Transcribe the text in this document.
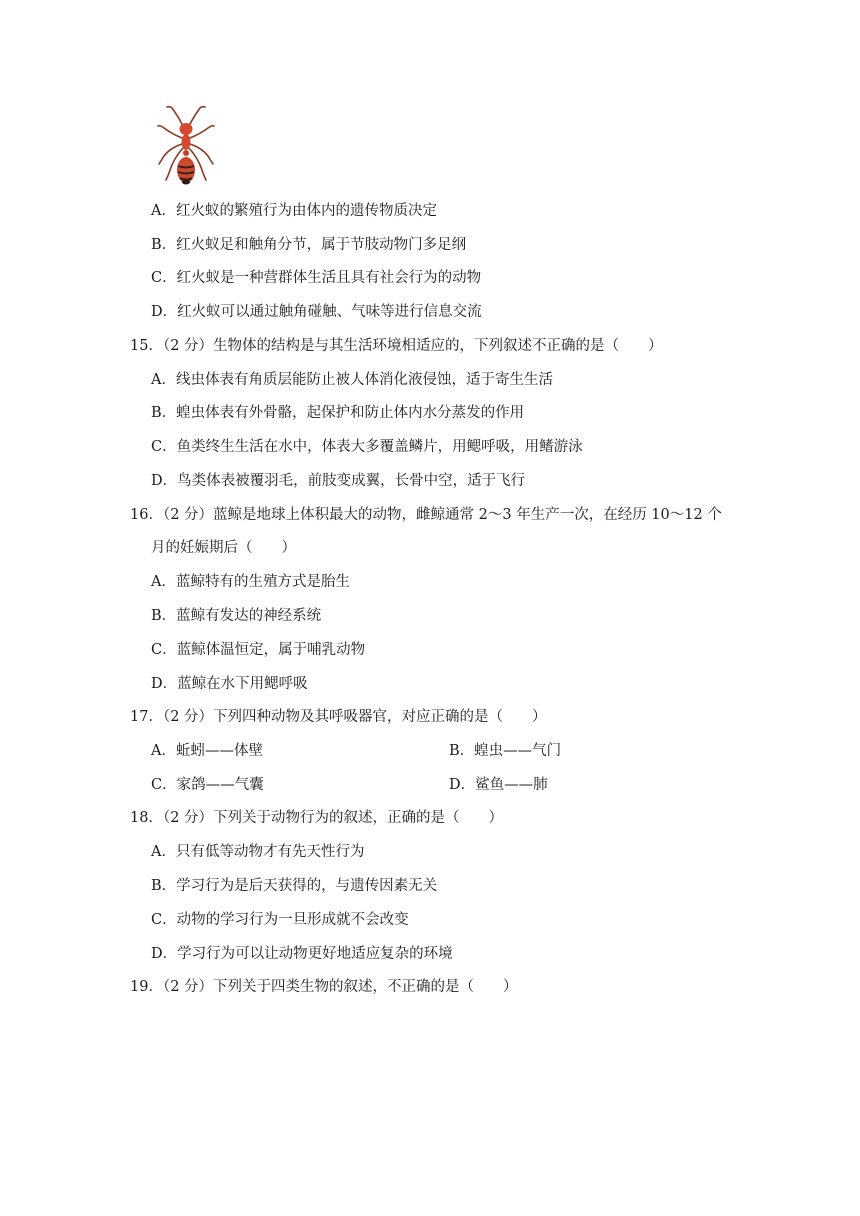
A．红火蚁的繁殖行为由体内的遗传物质决定
B．红火蚁足和触角分节，属于节肢动物门多足纲
C．红火蚁是一种营群体生活且具有社会行为的动物
D．红火蚁可以通过触角碰触、气味等进行信息交流
15．（2 分）生物体的结构是与其生活环境相适应的，下列叙述不正确的是（　　）
A．线虫体表有角质层能防止被人体消化液侵蚀，适于寄生生活
B．蝗虫体表有外骨骼，起保护和防止体内水分蒸发的作用
C．鱼类终生生活在水中，体表大多覆盖鳞片，用鳃呼吸，用鳍游泳
D．鸟类体表被覆羽毛，前肢变成翼，长骨中空，适于飞行
16．（2 分）蓝鲸是地球上体积最大的动物，雌鲸通常 2～3 年生产一次，在经历 10～12 个
月的妊娠期后（　　）
A．蓝鲸特有的生殖方式是胎生
B．蓝鲸有发达的神经系统
C．蓝鲸体温恒定，属于哺乳动物
D．蓝鲸在水下用鳃呼吸
17．（2 分）下列四种动物及其呼吸器官，对应正确的是（　　）
A．蚯蚓——体壁	B．蝗虫——气门
C．家鸽——气囊	D．鲨鱼——肺
18．（2 分）下列关于动物行为的叙述，正确的是（　　）
A．只有低等动物才有先天性行为
B．学习行为是后天获得的，与遗传因素无关
C．动物的学习行为一旦形成就不会改变
D．学习行为可以让动物更好地适应复杂的环境
19．（2 分）下列关于四类生物的叙述，不正确的是（　　）
